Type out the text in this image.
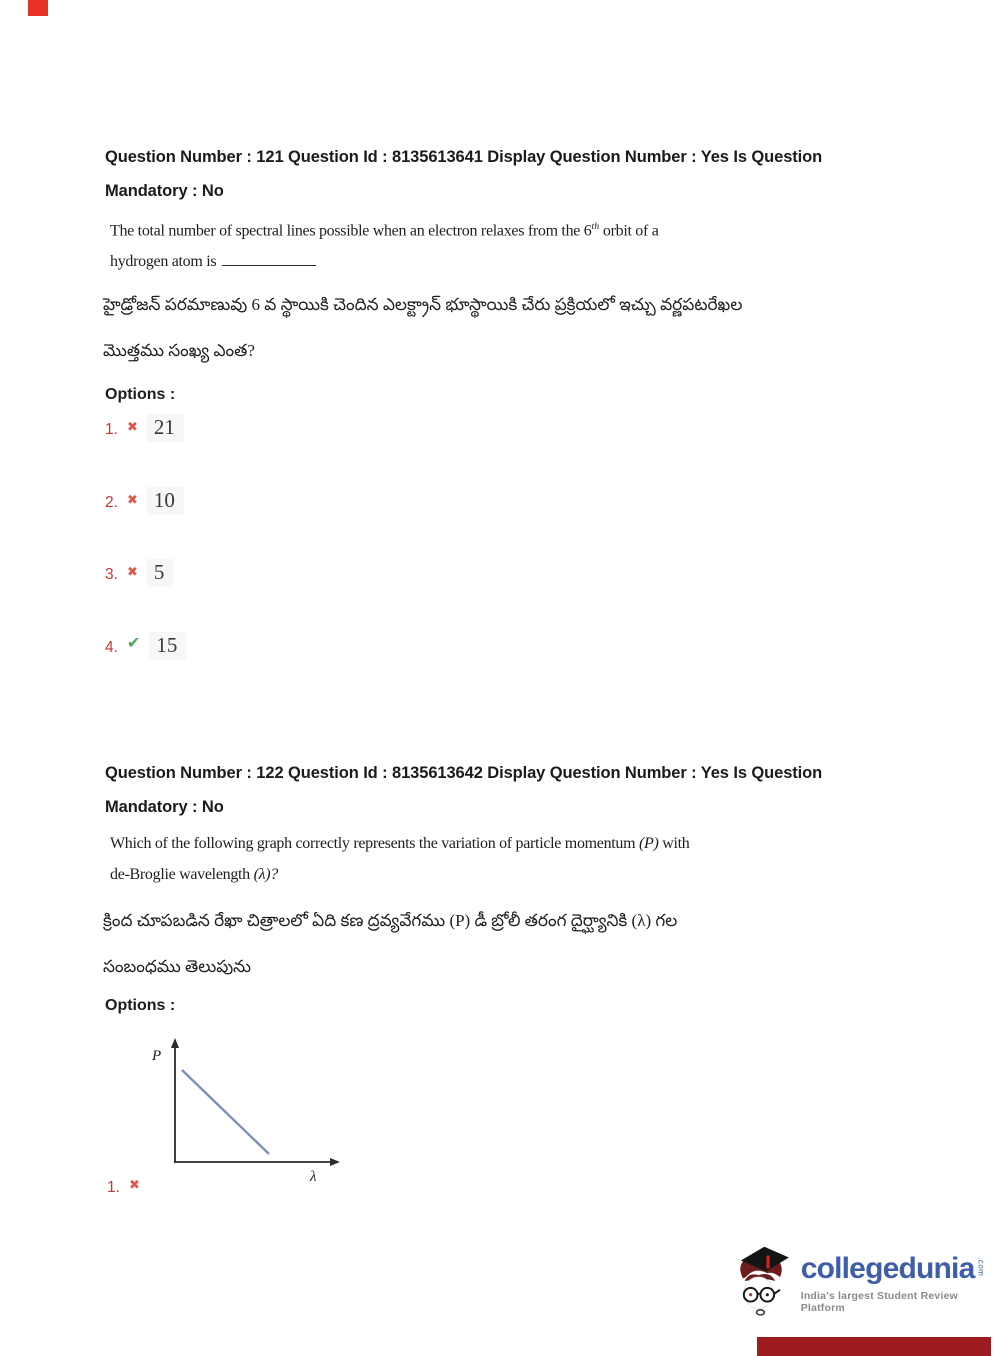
Question Number : 121 Question Id : 8135613641 Display Question Number : Yes Is Question
Mandatory : No
The total number of spectral lines possible when an electron relaxes from the 6th orbit of a
hydrogen atom is
హైడ్రోజన్ పరమాణువు 6 వ స్థాయికి చెందిన ఎలక్ట్రాన్ భూస్థాయికి చేరు ప్రక్రియలో ఇచ్చు వర్ణపటరేఖల
మొత్తము సంఖ్య ఎంత?
Options :
1. ✖ 21
2. ✖ 10
3. ✖ 5
4. ✔ 15
Question Number : 122 Question Id : 8135613642 Display Question Number : Yes Is Question
Mandatory : No
Which of the following graph correctly represents the variation of particle momentum (P) with
de-Broglie wavelength (λ)?
క్రింద చూపబడిన రేఖా చిత్రాలలో ఏది కణ ద్రవ్యవేగము (P) డీ బ్రోలీ తరంగ దైర్ఘ్యానికి (λ) గల
సంబంధము తెలుపును
Options :
P
λ
1. ✖
collegedunia .com
India's largest Student Review Platform
